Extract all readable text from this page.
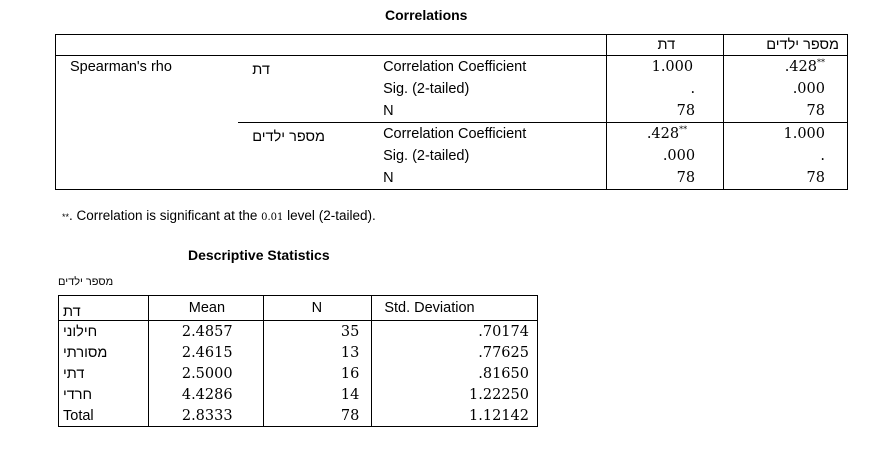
Correlations
			דת	מספר ילדים
Spearman's rho	דת	Correlation Coefficient	1.000	.428**
		Sig. (2-tailed)	.	.000
		N	78	78
	מספר ילדים	Correlation Coefficient	.428**	1.000
		Sig. (2-tailed)	.000	.
		N	78	78
**. Correlation is significant at the 0.01 level (2-tailed).
Descriptive Statistics
מספר ילדים
דת	Mean	N	Std. Deviation
חילוני	2.4857	35	.70174
מסורתי	2.4615	13	.77625
דתי	2.5000	16	.81650
חרדי	4.4286	14	1.22250
Total	2.8333	78	1.12142
